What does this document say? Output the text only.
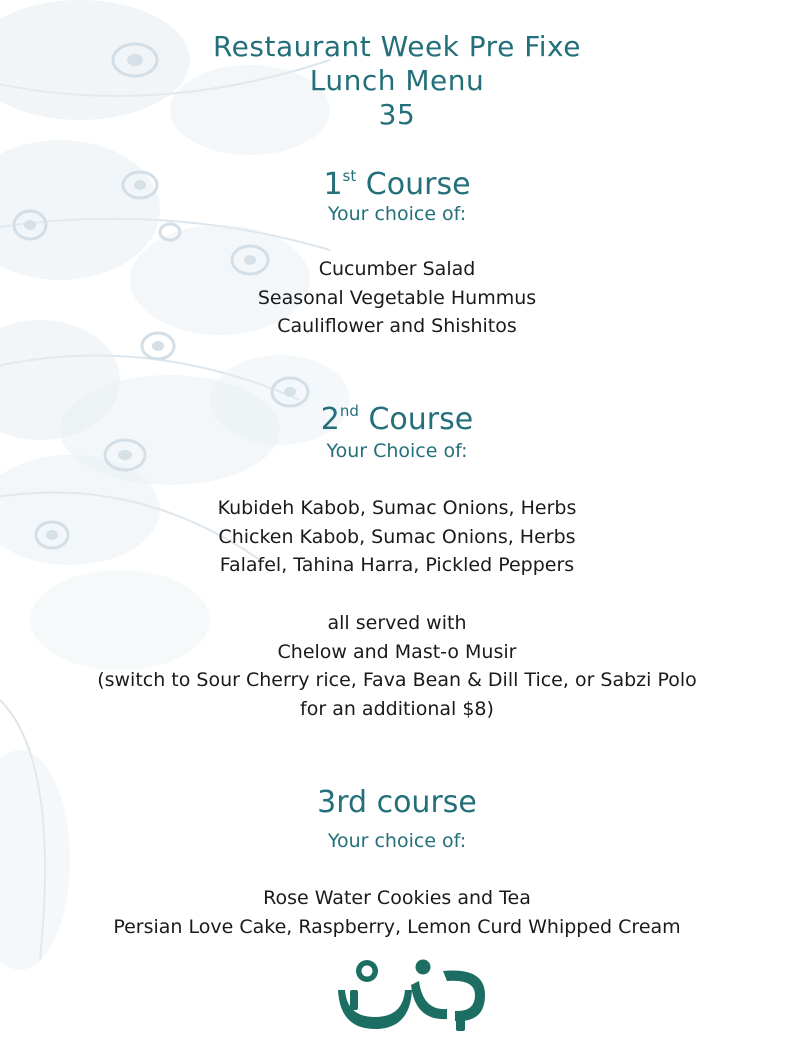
Restaurant Week Pre Fixe
Lunch Menu
35
1st Course
Your choice of:
Cucumber Salad
Seasonal Vegetable Hummus
Cauliflower and Shishitos
2nd Course
Your Choice of:
Kubideh Kabob, Sumac Onions, Herbs
Chicken Kabob, Sumac Onions, Herbs
Falafel, Tahina Harra, Pickled Peppers
all served with
Chelow and Mast-o Musir
(switch to Sour Cherry rice, Fava Bean & Dill Tice, or Sabzi Polo
for an additional $8)
3rd course
Your choice of:
Rose Water Cookies and Tea
Persian Love Cake, Raspberry, Lemon Curd Whipped Cream
